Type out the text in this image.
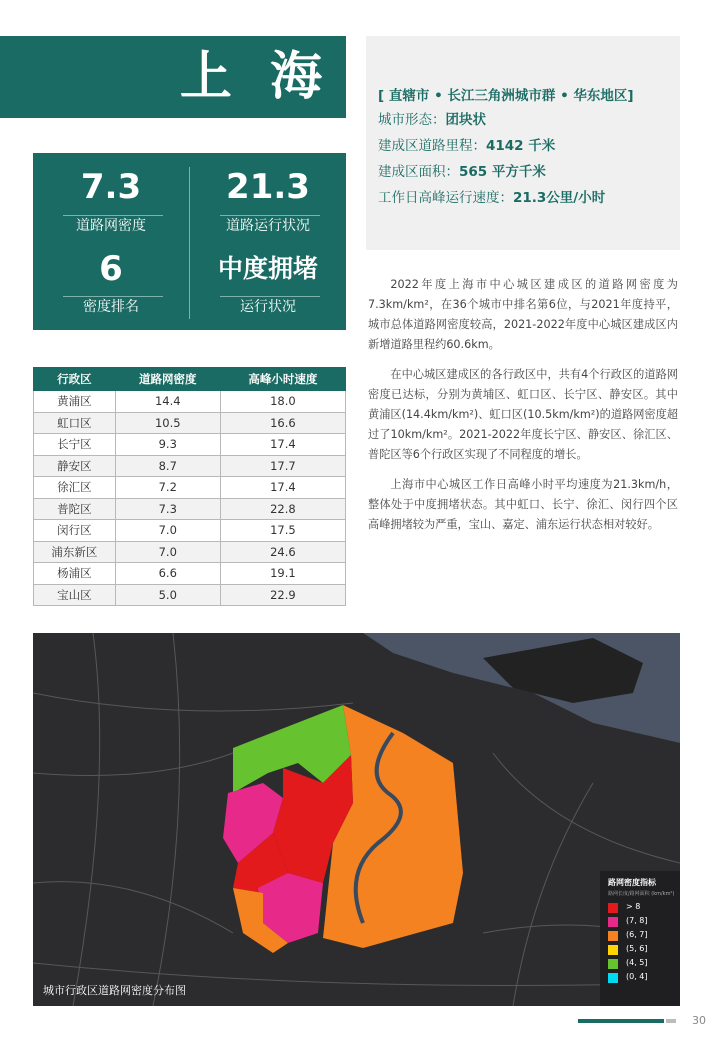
上 海
7.3
道路网密度
21.3
道路运行状况
6
密度排名
中度拥堵
运行状况
[ 直辖市 • 长江三角洲城市群 • 华东地区]
城市形态：团块状
建成区道路里程：4142 千米
建成区面积：565 平方千米
工作日高峰运行速度：21.3公里/小时

2022年度上海市中心城区建成区的道路网密度为7.3km/km²，在36个城市中排名第6位，与2021年度持平，城市总体道路网密度较高，2021-2022年度中心城区建成区内新增道路里程约60.6km。

在中心城区建成区的各行政区中，共有4个行政区的道路网密度已达标，分别为黄埔区、虹口区、长宁区、静安区。其中黄浦区(14.4km/km²)、虹口区(10.5km/km²)的道路网密度超过了10km/km²。2021-2022年度长宁区、静安区、徐汇区、普陀区等6个行政区实现了不同程度的增长。

上海市中心城区工作日高峰小时平均速度为21.3km/h，整体处于中度拥堵状态。其中虹口、长宁、徐汇、闵行四个区高峰拥堵较为严重，宝山、嘉定、浦东运行状态相对较好。

行政区	道路网密度	高峰小时速度
黄浦区	14.4	18.0
虹口区	10.5	16.6
长宁区	9.3	17.4
静安区	8.7	17.7
徐汇区	7.2	17.4
普陀区	7.3	22.8
闵行区	7.0	17.5
浦东新区	7.0	24.6
杨浦区	6.6	19.1
宝山区	5.0	22.9
城市行政区道路网密度分布图
路网密度指标
路网长度/路网面积 (km/km²)
> 8
(7, 8]
(6, 7]
(5, 6]
(4, 5]
(0, 4]
30
